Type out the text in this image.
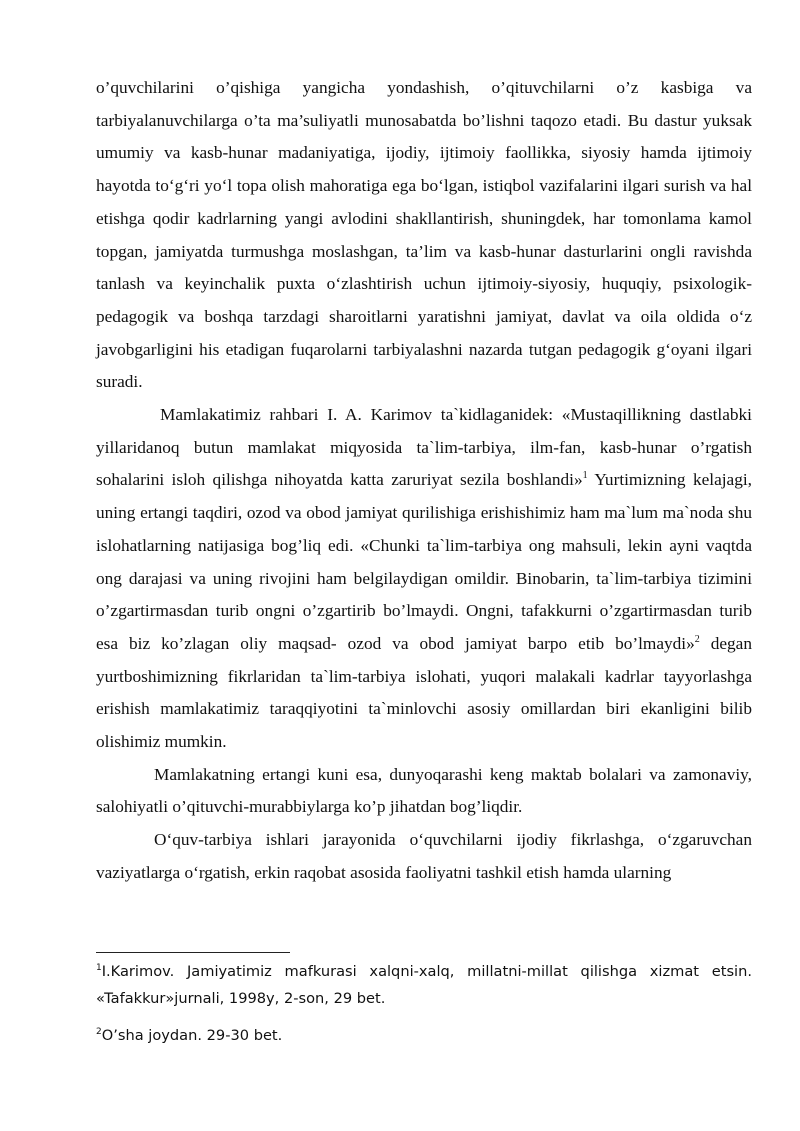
o’quvchilarini o’qishiga yangicha yondashish, o’qituvchilarni o’z kasbiga va tarbiyalanuvchilarga o’ta ma’suliyatli munosabatda bo’lishni taqozo etadi. Bu dastur yuksak umumiy va kasb-hunar madaniyatiga, ijodiy, ijtimoiy faollikka, siyosiy hamda ijtimoiy hayotda to‘g‘ri yo‘l topa olish mahoratiga ega bo‘lgan, istiqbol vazifalarini ilgari surish va hal etishga qodir kadrlarning yangi avlodini shakllantirish, shuningdek, har tomonlama kamol topgan, jamiyatda turmushga moslashgan, ta’lim va kasb-hunar dasturlarini ongli ravishda tanlash va keyinchalik puxta o‘zlashtirish uchun ijtimoiy-siyosiy, huquqiy, psixologik-pedagogik va boshqa tarzdagi sharoitlarni yaratishni jamiyat, davlat va oila oldida o‘z javobgarligini his etadigan fuqarolarni tarbiyalashni nazarda tutgan pedagogik g‘oyani ilgari suradi.

Mamlakatimiz rahbari I. A. Karimov ta`kidlaganidek: «Mustaqillikning dastlabki yillaridanoq butun mamlakat miqyosida ta`lim-tarbiya, ilm-fan, kasb-hunar o’rgatish sohalarini isloh qilishga nihoyatda katta zaruriyat sezila boshlandi»$^1$ Yurtimizning kelajagi, uning ertangi taqdiri, ozod va obod jamiyat qurilishiga erishishimiz ham ma`lum ma`noda shu islohatlarning natijasiga bog’liq edi. «Chunki ta`lim-tarbiya ong mahsuli, lekin ayni vaqtda ong darajasi va uning rivojini ham belgilaydigan omildir. Binobarin, ta`lim-tarbiya tizimini o’zgartirmasdan turib ongni o’zgartirib bo’lmaydi. Ongni, tafakkurni o’zgartirmasdan turib esa biz ko’zlagan oliy maqsad- ozod va obod jamiyat barpo etib bo’lmaydi»$^2$ degan yurtboshimizning fikrlaridan ta`lim-tarbiya islohati, yuqori malakali kadrlar tayyorlashga erishish mamlakatimiz taraqqiyotini ta`minlovchi asosiy omillardan biri ekanligini bilib olishimiz mumkin.

Mamlakatning ertangi kuni esa, dunyoqarashi keng maktab bolalari va zamonaviy, salohiyatli o’qituvchi-murabbiylarga ko’p jihatdan bog’liqdir.

O‘quv-tarbiya ishlari jarayonida o‘quvchilarni ijodiy fikrlashga, o‘zgaruvchan vaziyatlarga o‘rgatish, erkin raqobat asosida faoliyatni tashkil etish hamda ularning

$^1$I.Karimov. Jamiyatimiz mafkurasi xalqni-xalq, millatni-millat qilishga xizmat etsin. «Tafakkur»jurnali, 1998y, 2-son, 29 bet.

$^2$O’sha joydan. 29-30 bet.
